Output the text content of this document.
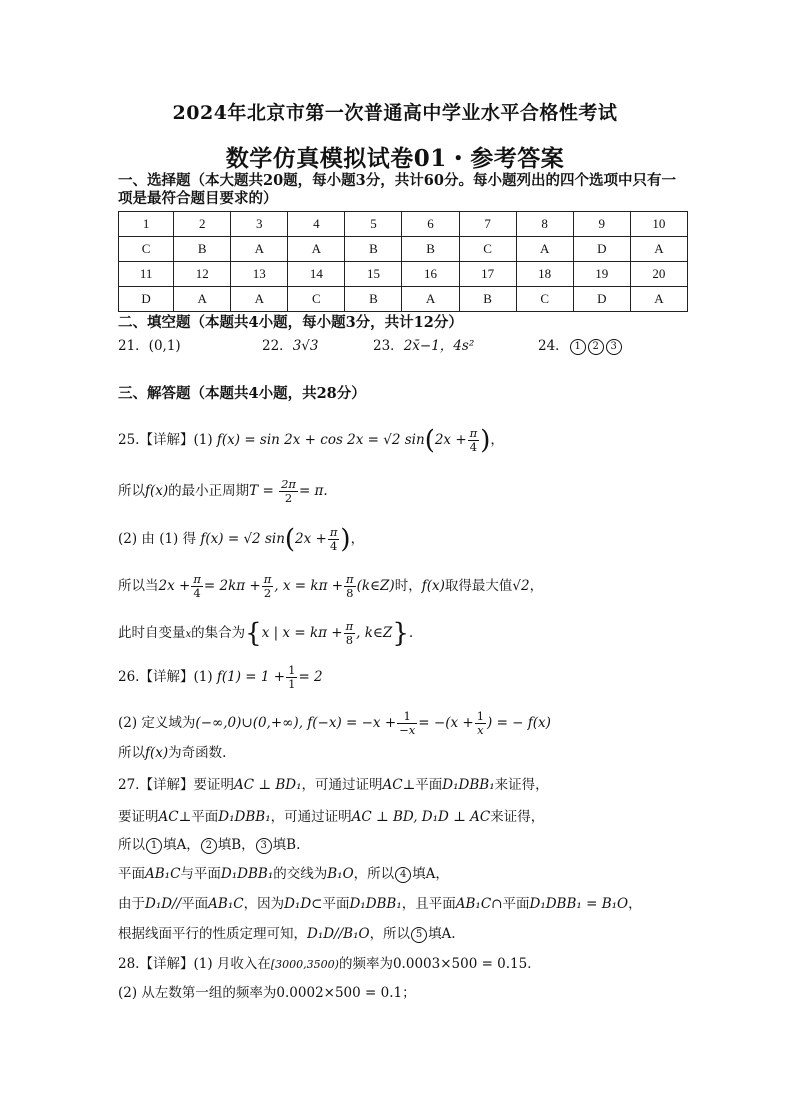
2024年北京市第一次普通高中学业水平合格性考试
数学仿真模拟试卷01・参考答案
一、选择题（本大题共20题，每小题3分，共计60分。每小题列出的四个选项中只有一项是最符合题目要求的）
1	2	3	4	5	6	7	8	9	10
C	B	A	A	B	B	C	A	D	A
11	12	13	14	15	16	17	18	19	20
D	A	A	C	B	A	B	C	D	A
二、填空题（本题共4小题，每小题3分，共计12分）
21．(0,1)	22．3√3	23．2x̄−1，4s²	24． 1 2 3
三、解答题（本题共4小题，共28分）
25.【详解】(1) f(x) = sin 2x + cos 2x = √2 $\sin(2x + \frac{\pi}{4}$ )，
所以f(x)的最小正周期$T = \frac{2\pi}{2} = \pi$.
(2) 由 (1) 得 f(x) = √2 $\sin(2x + \frac{\pi}{4}$ )，
所以当$2x + \frac{\pi}{4} = 2k\pi + \frac{\pi}{2}$ , $x = k\pi + \frac{\pi}{8}$ (k∈Z)时，f(x)取得最大值√2，
此时自变量x的集合为{x | $x = k\pi + \frac{\pi}{8}$ , k∈Z}.
26.【详解】(1) $f(1) = 1 + \frac{1}{1} = 2$
(2) 定义域为(−∞,0)∪(0,+∞), $f(-x) = -x + \frac{1}{-x} = -(x + \frac{1}{x}$ ) = − f(x)
所以f(x)为奇函数.
27.【详解】要证明AC ⊥ BD₁，可通过证明AC⊥平面D₁DBB₁来证得，
要证明AC⊥平面D₁DBB₁，可通过证明AC ⊥ BD, D₁D ⊥ AC来证得，
所以 1 填A， 2 填B， 3 填B.
平面AB₁C与平面D₁DBB₁的交线为B₁O，所以 4 填A，
由于D₁D//平面AB₁C，因为D₁D⊂平面D₁DBB₁，且平面AB₁C∩平面D₁DBB₁ = B₁O，
根据线面平行的性质定理可知，D₁D//B₁O，所以 5 填A.
28.【详解】(1) 月收入在[3000,3500)的频率为0.0003×500 = 0.15．
(2) 从左数第一组的频率为0.0002×500 = 0.1；
